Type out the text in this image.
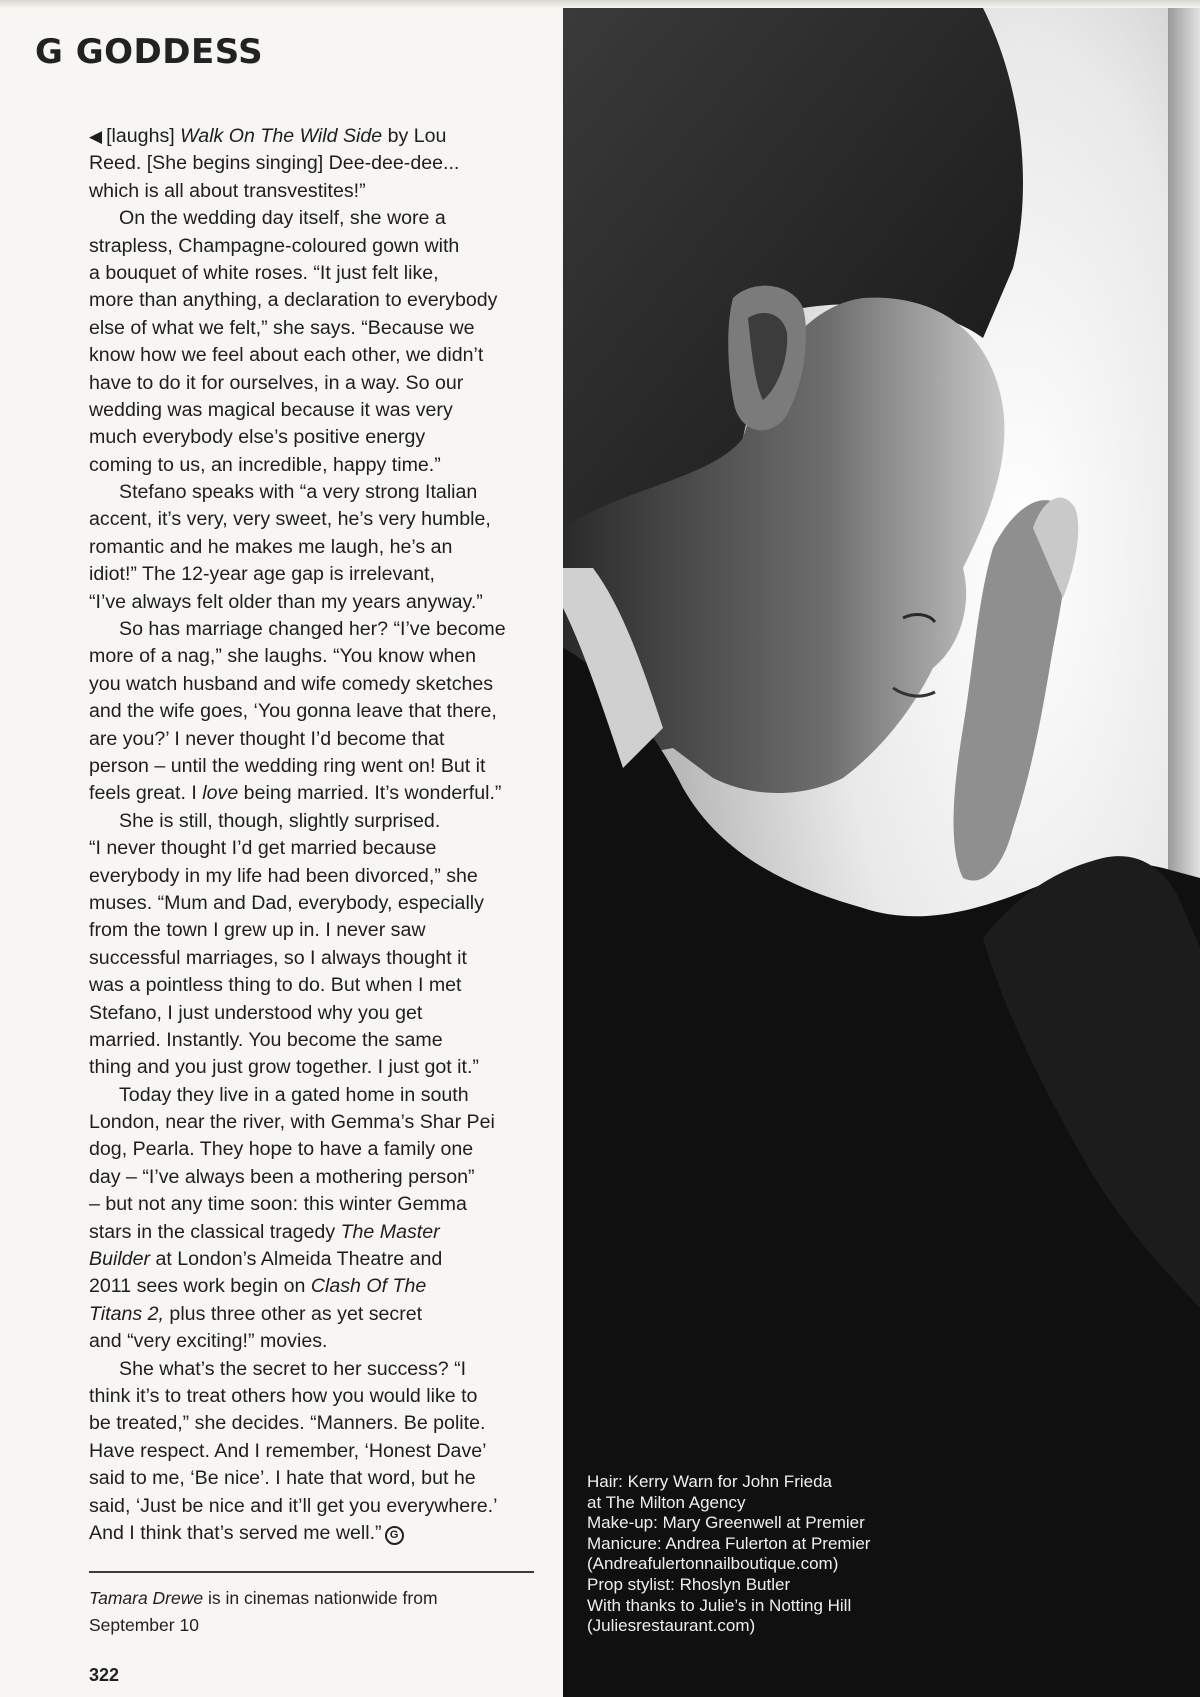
G GODDESS
◀ [laughs] Walk On The Wild Side by Lou
Reed. [She begins singing] Dee-dee-dee...
which is all about transvestites!”
On the wedding day itself, she wore a
strapless, Champagne-coloured gown with
a bouquet of white roses. “It just felt like,
more than anything, a declaration to everybody
else of what we felt,” she says. “Because we
know how we feel about each other, we didn’t
have to do it for ourselves, in a way. So our
wedding was magical because it was very
much everybody else’s positive energy
coming to us, an incredible, happy time.”
Stefano speaks with “a very strong Italian
accent, it’s very, very sweet, he’s very humble,
romantic and he makes me laugh, he’s an
idiot!” The 12-year age gap is irrelevant,
“I’ve always felt older than my years anyway.”
So has marriage changed her? “I’ve become
more of a nag,” she laughs. “You know when
you watch husband and wife comedy sketches
and the wife goes, ‘You gonna leave that there,
are you?’ I never thought I’d become that
person – until the wedding ring went on! But it
feels great. I love being married. It’s wonderful.”
She is still, though, slightly surprised.
“I never thought I’d get married because
everybody in my life had been divorced,” she
muses. “Mum and Dad, everybody, especially
from the town I grew up in. I never saw
successful marriages, so I always thought it
was a pointless thing to do. But when I met
Stefano, I just understood why you get
married. Instantly. You become the same
thing and you just grow together. I just got it.”
Today they live in a gated home in south
London, near the river, with Gemma’s Shar Pei
dog, Pearla. They hope to have a family one
day – “I’ve always been a mothering person”
– but not any time soon: this winter Gemma
stars in the classical tragedy The Master
Builder at London’s Almeida Theatre and
2011 sees work begin on Clash Of The
Titans 2, plus three other as yet secret
and “very exciting!” movies.
She what’s the secret to her success? “I
think it’s to treat others how you would like to
be treated,” she decides. “Manners. Be polite.
Have respect. And I remember, ‘Honest Dave’
said to me, ‘Be nice’. I hate that word, but he
said, ‘Just be nice and it’ll get you everywhere.’
And I think that’s served me well.” G
Tamara Drewe is in cinemas nationwide from
September 10
322
Hair: Kerry Warn for John Frieda
at The Milton Agency
Make-up: Mary Greenwell at Premier
Manicure: Andrea Fulerton at Premier
(Andreafulertonnailboutique.com)
Prop stylist: Rhoslyn Butler
With thanks to Julie’s in Notting Hill
(Juliesrestaurant.com)
